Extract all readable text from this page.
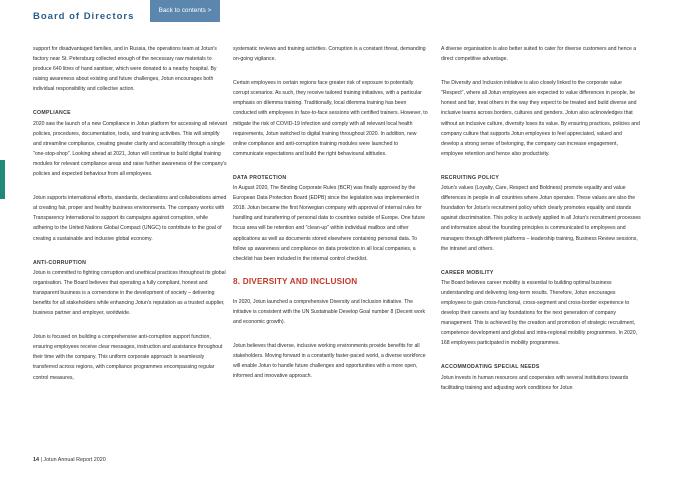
Board of Directors
Back to contents >

support for disadvantaged families, and in Russia, the operations team at Jotun's factory near St. Petersburg collected enough of the necessary raw materials to produce 640 litres of hand sanitiser, which were donated to a nearby hospital. By raising awareness about existing and future challenges, Jotun encourages both individual responsibility and collective action.

COMPLIANCE

2020 saw the launch of a new Compliance in Jotun platform for accessing all relevant policies, procedures, documentation, tools, and training activities. This will simplify and streamline compliance, creating greater clarity and accessibility through a single "one-stop-shop". Looking ahead at 2021, Jotun will continue to build digital training modules for relevant compliance areas and raise further awareness of the company's policies and expected behaviour from all employees.

Jotun supports international efforts, standards, declarations and collaborations aimed at creating fair, proper and healthy business environments. The company works with Transparency International to support its campaigns against corruption, while adhering to the United Nations Global Compact (UNGC) to contribute to the goal of creating a sustainable and inclusive global economy.

ANTI-CORRUPTION

Jotun is committed to fighting corruption and unethical practices throughout its global organisation. The Board believes that operating a fully compliant, honest and transparent business is a cornerstone in the development of society – delivering benefits for all stakeholders while enhancing Jotun's reputation as a trusted supplier, business partner and employer, worldwide.

Jotun is focused on building a comprehensive anti-corruption support function, ensuring employees receive clear messages, instruction and assistance throughout their time with the company. This uniform corporate approach is seamlessly transferred across regions, with compliance programmes encompassing regular control measures,

systematic reviews and training activities. Corruption is a constant threat, demanding on-going vigilance.

Certain employees in certain regions face greater risk of exposure to potentially corrupt scenarios. As such, they receive tailored training initiatives, with a particular emphasis on dilemma training. Traditionally, local dilemma training has been conducted with employees in face-to-face sessions with certified trainers. However, to mitigate the risk of COVID-19 infection and comply with all relevant local health requirements, Jotun switched to digital training throughout 2020. In addition, new online compliance and anti-corruption training modules were launched to communicate expectations and build the right behavioural attitudes.

DATA PROTECTION

In August 2020, The Binding Corporate Rules (BCR) was finally approved by the European Data Protection Board (EDPB) since the legislation was implemented in 2018. Jotun became the first Norwegian company with approval of internal rules for handling and transferring of personal data to countries outside of Europe. One future focus area will be retention and "clean-up" within individual mailbox and other applications as well as documents stored elsewhere containing personal data. To follow up awareness and compliance on data protection in all local companies, a checklist has been included in the internal control checklist.

8. DIVERSITY AND INCLUSION

In 2020, Jotun launched a comprehensive Diversity and Inclusion initiative. The initiative is consistent with the UN Sustainable Develop Goal number 8 (Decent work and economic growth).

Jotun believes that diverse, inclusive working environments provide benefits for all stakeholders. Moving forward in a constantly faster-paced world, a diverse workforce will enable Jotun to handle future challenges and opportunities with a more open, informed and innovative approach.

A diverse organisation is also better suited to cater for diverse customers and hence a direct competitive advantage.

The Diversity and Inclusion initiative is also closely linked to the corporate value "Respect", where all Jotun employees are expected to value differences in people, be honest and fair, treat others in the way they expect to be treated and build diverse and inclusive teams across borders, cultures and genders. Jotun also acknowledges that without an inclusive culture, diversity loses its value. By ensuring practices, policies and company culture that supports Jotun employees to feel appreciated, valued and develop a strong sense of belonging, the company can increase engagement, employee retention and hence also productivity.

RECRUITING POLICY

Jotun's values (Loyalty, Care, Respect and Boldness) promote equality and value differences in people in all countries where Jotun operates. These values are also the foundation for Jotun's recruitment policy which clearly promotes equality and stands against discrimination. This policy is actively applied in all Jotun's recruitment processes and information about the founding principles is communicated to employees and managers through different platforms – leadership training, Business Review sessions, the intranet and others.

CAREER MOBILITY

The Board believes career mobility is essential to building optimal business understanding and delivering long-term results. Therefore, Jotun encourages employees to gain cross-functional, cross-segment and cross-border experience to develop their careers and lay foundations for the next generation of company management. This is achieved by the creation and promotion of strategic recruitment, competence development and global and intra-regional mobility programmes. In 2020, 168 employees participated in mobility programmes.

ACCOMMODATING SPECIAL NEEDS

Jotun invests in human resources and cooperates with several institutions towards facilitating training and adjusting work conditions for Jotun

14 | Jotun Annual Report 2020
